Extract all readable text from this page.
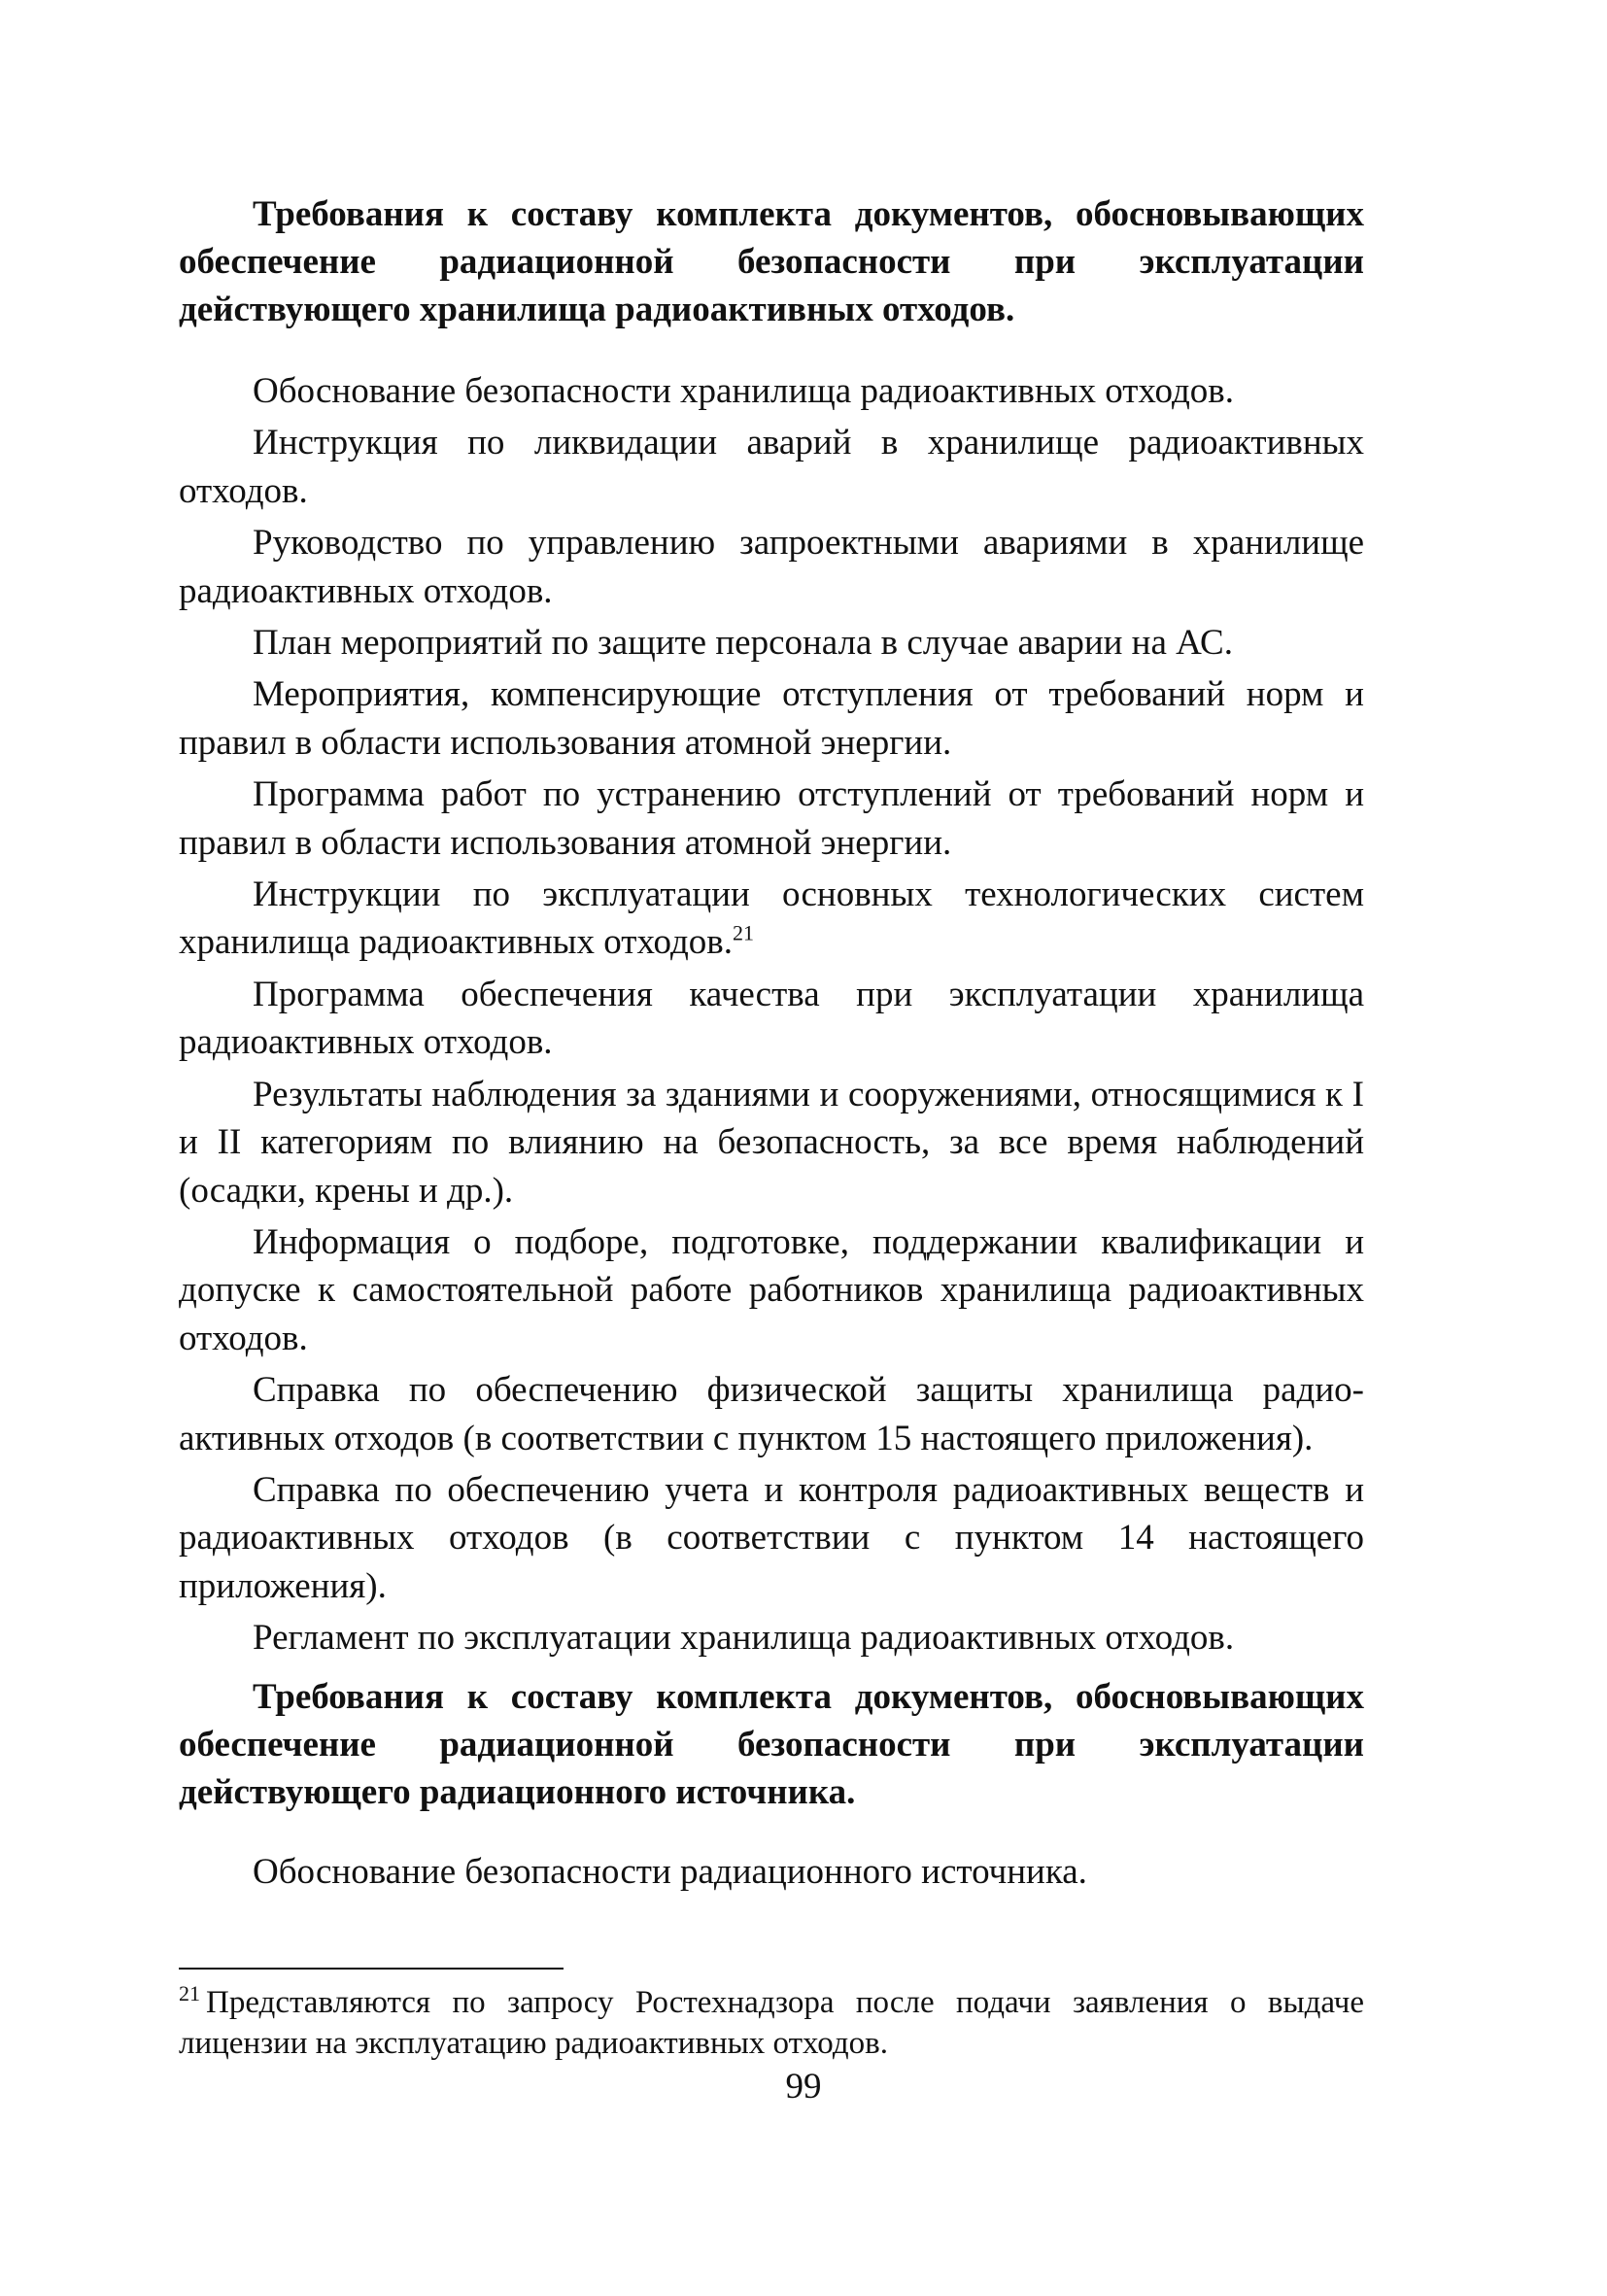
Требования к составу комплекта документов, обосновывающих обеспечение радиационной безопасности при эксплуатации действующего хранилища радиоактивных отходов.

Обоснование безопасности хранилища радиоактивных отходов.

Инструкция по ликвидации аварий в хранилище радиоактивных отходов.

Руководство по управлению запроектными авариями в хранилище радиоактивных отходов.

План мероприятий по защите персонала в случае аварии на АС.

Мероприятия, компенсирующие отступления от требований норм и правил в области использования атомной энергии.

Программа работ по устранению отступлений от требований норм и правил в области использования атомной энергии.

Инструкции по эксплуатации основных технологических систем хранилища радиоактивных отходов.$^{21}$

Программа обеспечения качества при эксплуатации хранилища радиоактивных отходов.

Результаты наблюдения за зданиями и сооружениями, относящимися к I и II категориям по влиянию на безопасность, за все время наблюдений (осадки, крены и др.).

Информация о подборе, подготовке, поддержании квалификации и допуске к самостоятельной работе работников хранилища радиоактивных отходов.

Справка по обеспечению физической защиты хранилища радиоактивных отходов (в соответствии с пунктом 15 настоящего приложения).

Справка по обеспечению учета и контроля радиоактивных веществ и радиоактивных отходов (в соответствии с пунктом 14 настоящего приложения).

Регламент по эксплуатации хранилища радиоактивных отходов.

Требования к составу комплекта документов, обосновывающих обеспечение радиационной безопасности при эксплуатации действующего радиационного источника.

Обоснование безопасности радиационного источника.

$^{21}$ Представляются по запросу Ростехнадзора после подачи заявления о выдаче лицензии на эксплуатацию радиоактивных отходов.

99
